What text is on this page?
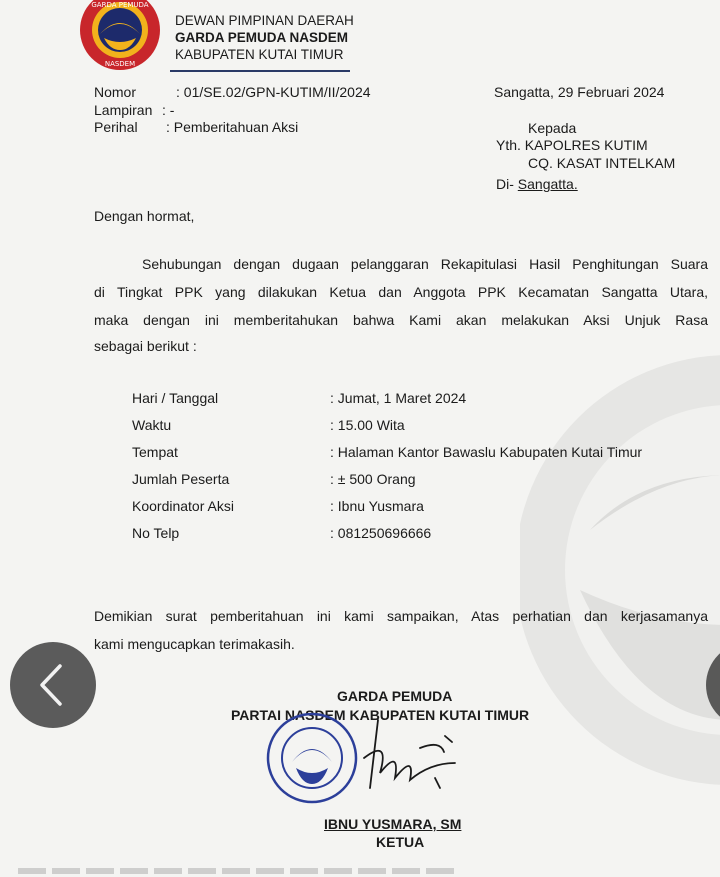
GARDA PEMUDA
NASDEM
DEWAN PIMPINAN DAERAH
GARDA PEMUDA NASDEM
KABUPATEN KUTAI TIMUR
Nomor	: 01/SE.02/GPN-KUTIM/II/2024
Lampiran : -
Perihal : Pemberitahuan Aksi
Sangatta, 29 Februari 2024
Kepada
Yth. KAPOLRES KUTIM
CQ. KASAT INTELKAM
Di- Sangatta.
Dengan hormat,
Sehubungan dengan dugaan pelanggaran Rekapitulasi Hasil Penghitungan Suara
di Tingkat PPK yang dilakukan Ketua dan Anggota PPK Kecamatan Sangatta Utara,
maka dengan ini memberitahukan bahwa Kami akan melakukan Aksi Unjuk Rasa
sebagai berikut :
Hari / Tanggal	: Jumat, 1 Maret 2024
Waktu	: 15.00 Wita
Tempat	: Halaman Kantor Bawaslu Kabupaten Kutai Timur
Jumlah Peserta	: ± 500 Orang
Koordinator Aksi	: Ibnu Yusmara
No Telp	: 081250696666
Demikian surat pemberitahuan ini kami sampaikan, Atas perhatian dan kerjasamanya
kami mengucapkan terimakasih.
GARDA PEMUDA
PARTAI NASDEM KABUPATEN KUTAI TIMUR
IBNU YUSMARA, SM
KETUA
